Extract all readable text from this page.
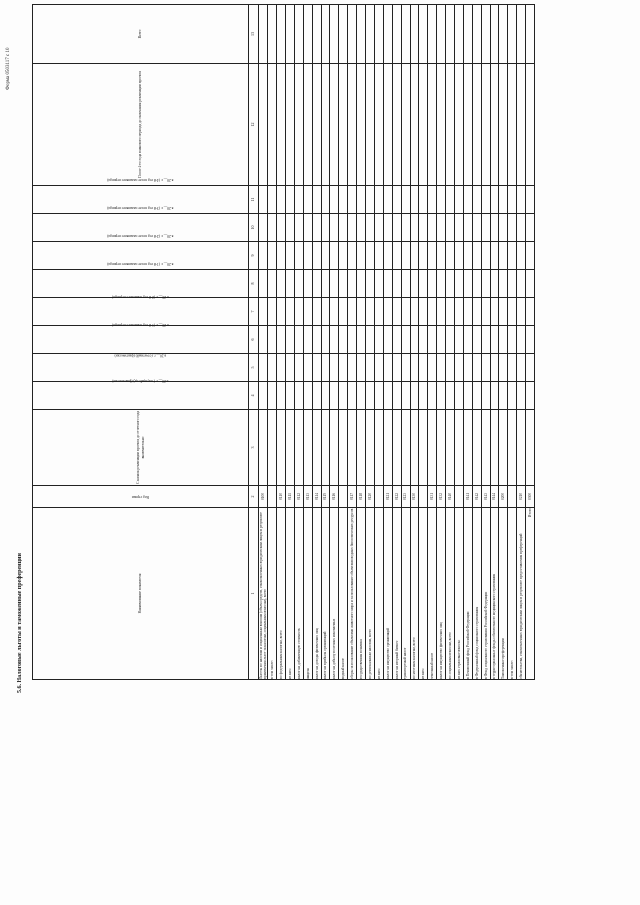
Форма 0503117 с 10
5.6. Налоговые льготы и таможенные преференции	Наименование показателя	Код строки	С начала реализации проекта до отчетного года включительно	в 20__ г. (текущий год) (фактически)	в 20__ г. (отчетный) (фактически)	в 20__ г. (1-й год планового периода)	в 20__ г. (2-й год планового периода)	в 20__ г. (1-й год после планового периода)	в 20__ г. (2-й год после планового периода)	в 20__ г. (3-й год после планового периода)	в 20__ г. (4-й год после планового периода)	После 4-го года планового периода до окончания реализации проекта	Всего
1	2	3	4	5	6	7	8	9	10	11	12	13
Льготы по налогам и социальным взносам (объем средств, сэкономленных юридическим лицом в результате применения льгот за налогам, социальным взносам), всего	0100											
в том числе:												
по федеральным налогам, всего	0110											
из них:	0111											
налог на добавленную стоимость	0112											
акцизы	0113											
налог на доходы физических лиц	0114											
налог на прибыль организаций	0115											
налог на добычу полезных ископаемых	0116											
водный налог												
сборы за пользование объектами животного мира и за пользование объектами водных биологических ресурсов	0117											
государственная пошлина	0118											
по региональным налогам, всего	0120											
из них:												
налог на имущество организаций	0121											
налог на игорный бизнес	0122											
транспортный налог	0123											
по местным налогам, всего	0130											
из них:												
земельный налог	0131											
налог на имущество физических лиц	0132											
по социальным взносам, всего	0140											
из них страховые взносы:												
в Пенсионный фонд Российской Федерации	0141											
в Федеральный фонд социального страхования	0142											
в Фонд социального страхования Российской Федерации	0143											
в территориальные фонды обязательного медицинского страхования	0144											
Таможенные преференции	0200											
в том числе:												
обязательства, сэкономленных юридическим лицом в результате предоставления преференций	0210											
Итого	0300											
